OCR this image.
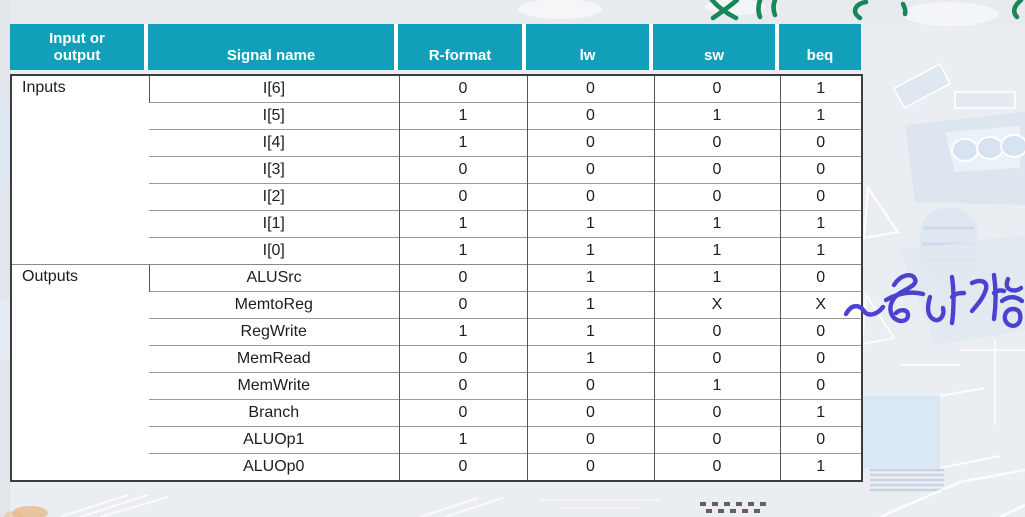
Input or output	Signal name	R-format	lw	sw	beq
Inputs	I[6]	0	0	0	1
	I[5]	1	0	1	1
	I[4]	1	0	0	0
	I[3]	0	0	0	0
	I[2]	0	0	0	0
	I[1]	1	1	1	1
	I[0]	1	1	1	1
Outputs	ALUSrc	0	1	1	0
	MemtoReg	0	1	X	X
	RegWrite	1	1	0	0
	MemRead	0	1	0	0
	MemWrite	0	0	1	0
	Branch	0	0	0	1
	ALUOp1	1	0	0	0
	ALUOp0	0	0	0	1
